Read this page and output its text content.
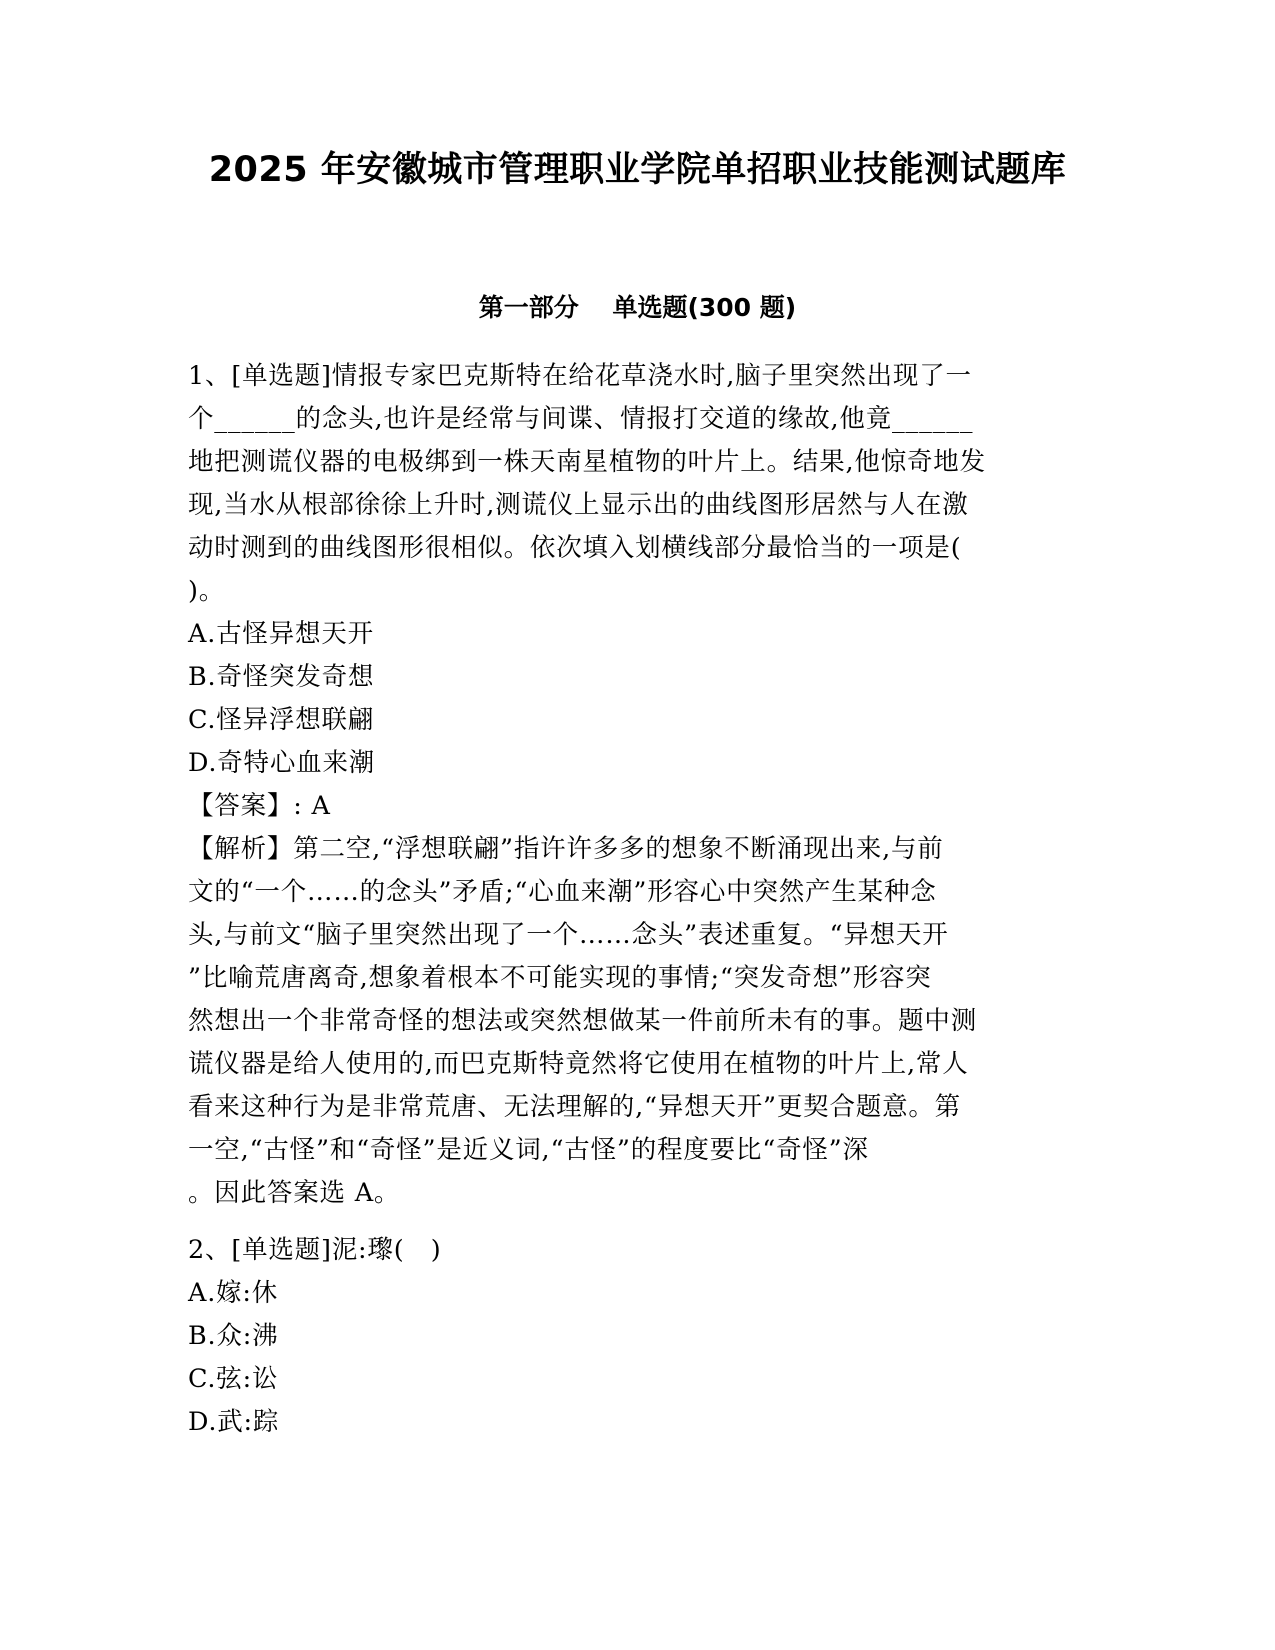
2025 年安徽城市管理职业学院单招职业技能测试题库
第一部分　 单选题(300 题)
1、[单选题]情报专家巴克斯特在给花草浇水时,脑子里突然出现了一
个______的念头,也许是经常与间谍、情报打交道的缘故,他竟______
地把测谎仪器的电极绑到一株天南星植物的叶片上。结果,他惊奇地发
现,当水从根部徐徐上升时,测谎仪上显示出的曲线图形居然与人在激
动时测到的曲线图形很相似。依次填入划横线部分最恰当的一项是(
)。
A.古怪异想天开
B.奇怪突发奇想
C.怪异浮想联翩
D.奇特心血来潮
【答案】: A
【解析】第二空,“浮想联翩”指许许多多的想象不断涌现出来,与前
文的“一个……的念头”矛盾;“心血来潮”形容心中突然产生某种念
头,与前文“脑子里突然出现了一个……念头”表述重复。“异想天开
”比喻荒唐离奇,想象着根本不可能实现的事情;“突发奇想”形容突
然想出一个非常奇怪的想法或突然想做某一件前所未有的事。题中测
谎仪器是给人使用的,而巴克斯特竟然将它使用在植物的叶片上,常人
看来这种行为是非常荒唐、无法理解的,“异想天开”更契合题意。第
一空,“古怪”和“奇怪”是近义词,“古怪”的程度要比“奇怪”深
。因此答案选 A。
2、[单选题]泥:瓈(　)
A.嫁:休
B.众:沸
C.弦:讼
D.武:踪
